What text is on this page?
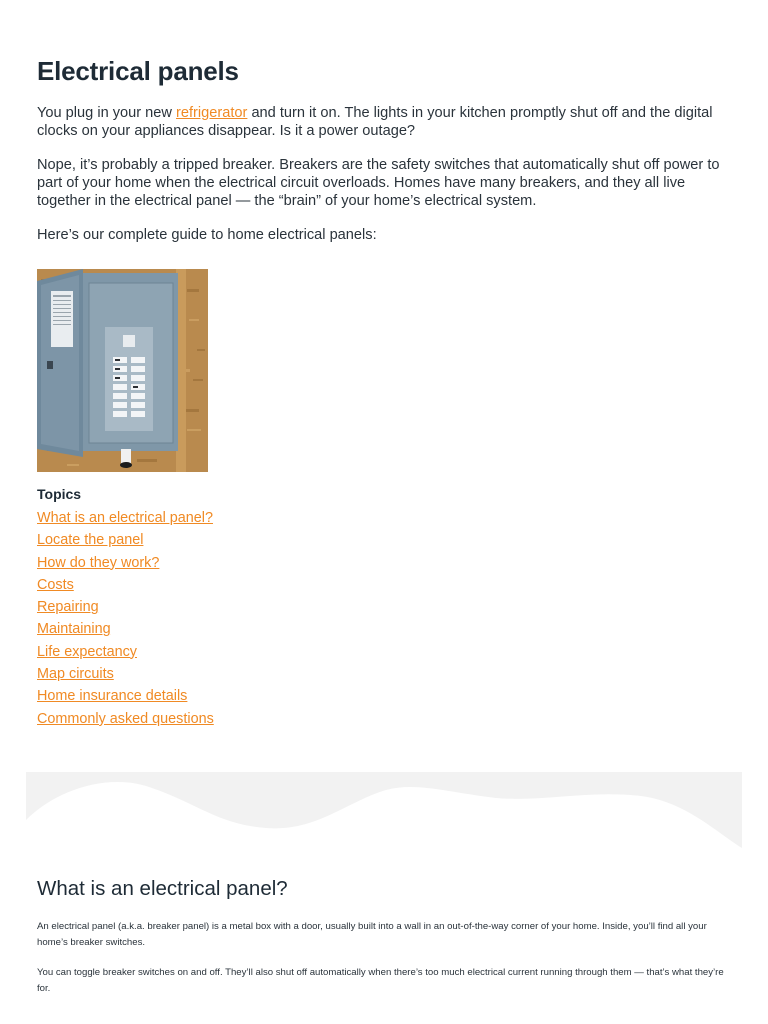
Electrical panels

You plug in your new refrigerator and turn it on. The lights in your kitchen promptly shut off and the digital clocks on your appliances disappear. Is it a power outage?

Nope, it’s probably a tripped breaker. Breakers are the safety switches that automatically shut off power to part of your home when the electrical circuit overloads. Homes have many breakers, and they all live together in the electrical panel — the “brain” of your home’s electrical system.

Here’s our complete guide to home electrical panels:

Topics
What is an electrical panel?
Locate the panel
How do they work?
Costs
Repairing
Maintaining
Life expectancy
Map circuits
Home insurance details
Commonly asked questions
What is an electrical panel?

An electrical panel (a.k.a. breaker panel) is a metal box with a door, usually built into a wall in an out-of-the-way corner of your home. Inside, you’ll find all your home’s breaker switches.

You can toggle breaker switches on and off. They’ll also shut off automatically when there’s too much electrical current running through them — that’s what they’re for.
